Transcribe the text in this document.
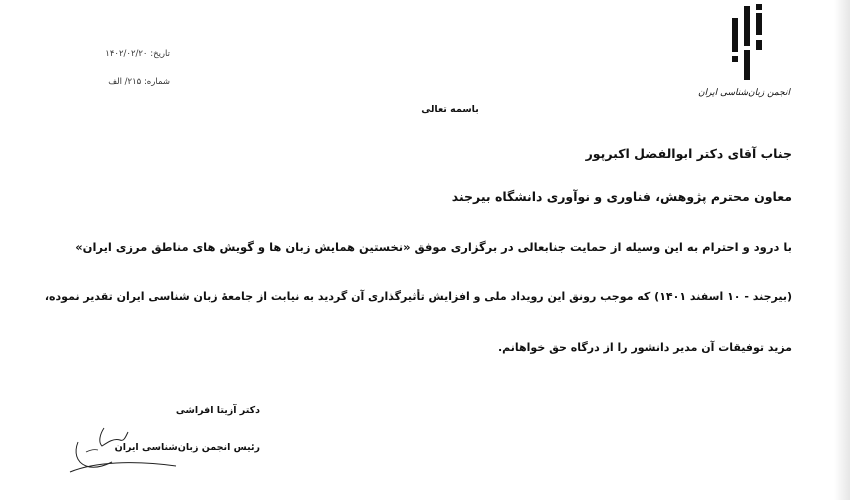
انجمن زبان‌شناسی ایران
تاریخ: ۱۴۰۲/۰۲/۲۰
شماره: ۲۱۵/ الف
باسمه تعالی
جناب آقای دکتر ابوالفضل اکبرپور
معاون محترم پژوهش، فناوری و نوآوری دانشگاه بیرجند
با درود و احترام به این وسیله از حمایت جنابعالی در برگزاری موفق «نخستین همایش زبان ها و گویش های مناطق مرزی ایران»
(بیرجند - ۱۰ اسفند ۱۴۰۱) که موجب رونق این رویداد ملی و افزایش تأثیرگذاری آن گردید به نیابت از جامعهٔ زبان شناسی ایران تقدیر نموده،
مزید توفیقات آن مدیر دانشور را از درگاه حق خواهانم.
دکتر آزیتا افراشی
رئیس انجمن زبان‌شناسی ایران
